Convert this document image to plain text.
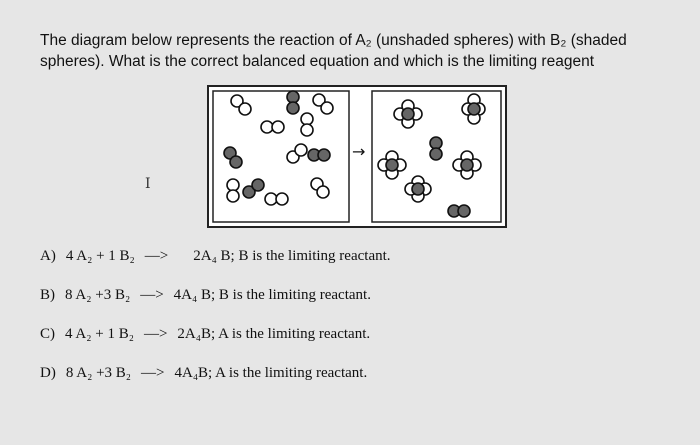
The diagram below represents the reaction of A₂ (unshaded spheres) with B₂ (shaded
spheres). What is the correct balanced equation and which is the limiting reagent
I
→
A) 4 A₂ + 1 B₂ —> 2A₄ B; B is the limiting reactant.
B) 8 A₂ +3 B₂ —> 4A₄ B; B is the limiting reactant.
C) 4 A₂ + 1 B₂ —> 2A₄B; A is the limiting reactant.
D) 8 A₂ +3 B₂ —> 4A₄B; A is the limiting reactant.
